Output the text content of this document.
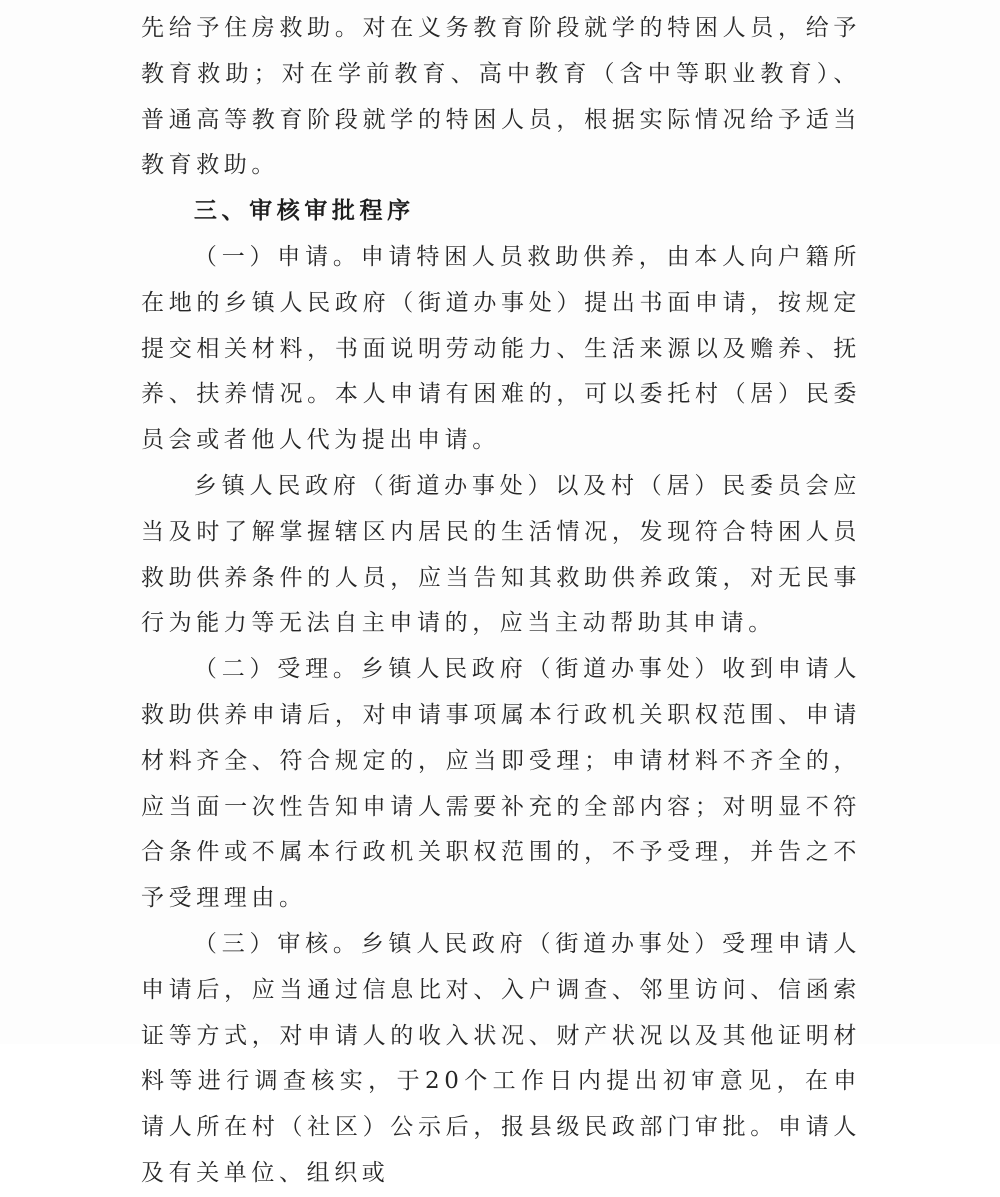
先给予住房救助。对在义务教育阶段就学的特困人员，给予教育救助；对在学前教育、高中教育（含中等职业教育）、普通高等教育阶段就学的特困人员，根据实际情况给予适当教育救助。

三、审核审批程序

（一）申请。申请特困人员救助供养，由本人向户籍所在地的乡镇人民政府（街道办事处）提出书面申请，按规定提交相关材料，书面说明劳动能力、生活来源以及赡养、抚养、扶养情况。本人申请有困难的，可以委托村（居）民委员会或者他人代为提出申请。

乡镇人民政府（街道办事处）以及村（居）民委员会应当及时了解掌握辖区内居民的生活情况，发现符合特困人员救助供养条件的人员，应当告知其救助供养政策，对无民事行为能力等无法自主申请的，应当主动帮助其申请。

（二）受理。乡镇人民政府（街道办事处）收到申请人救助供养申请后，对申请事项属本行政机关职权范围、申请材料齐全、符合规定的，应当即受理；申请材料不齐全的，应当面一次性告知申请人需要补充的全部内容；对明显不符合条件或不属本行政机关职权范围的，不予受理，并告之不予受理理由。

（三）审核。乡镇人民政府（街道办事处）受理申请人申请后，应当通过信息比对、入户调查、邻里访问、信函索证等方式，对申请人的收入状况、财产状况以及其他证明材料等进行调查核实，于20个工作日内提出初审意见，在申请人所在村（社区）公示后，报县级民政部门审批。申请人及有关单位、组织或
